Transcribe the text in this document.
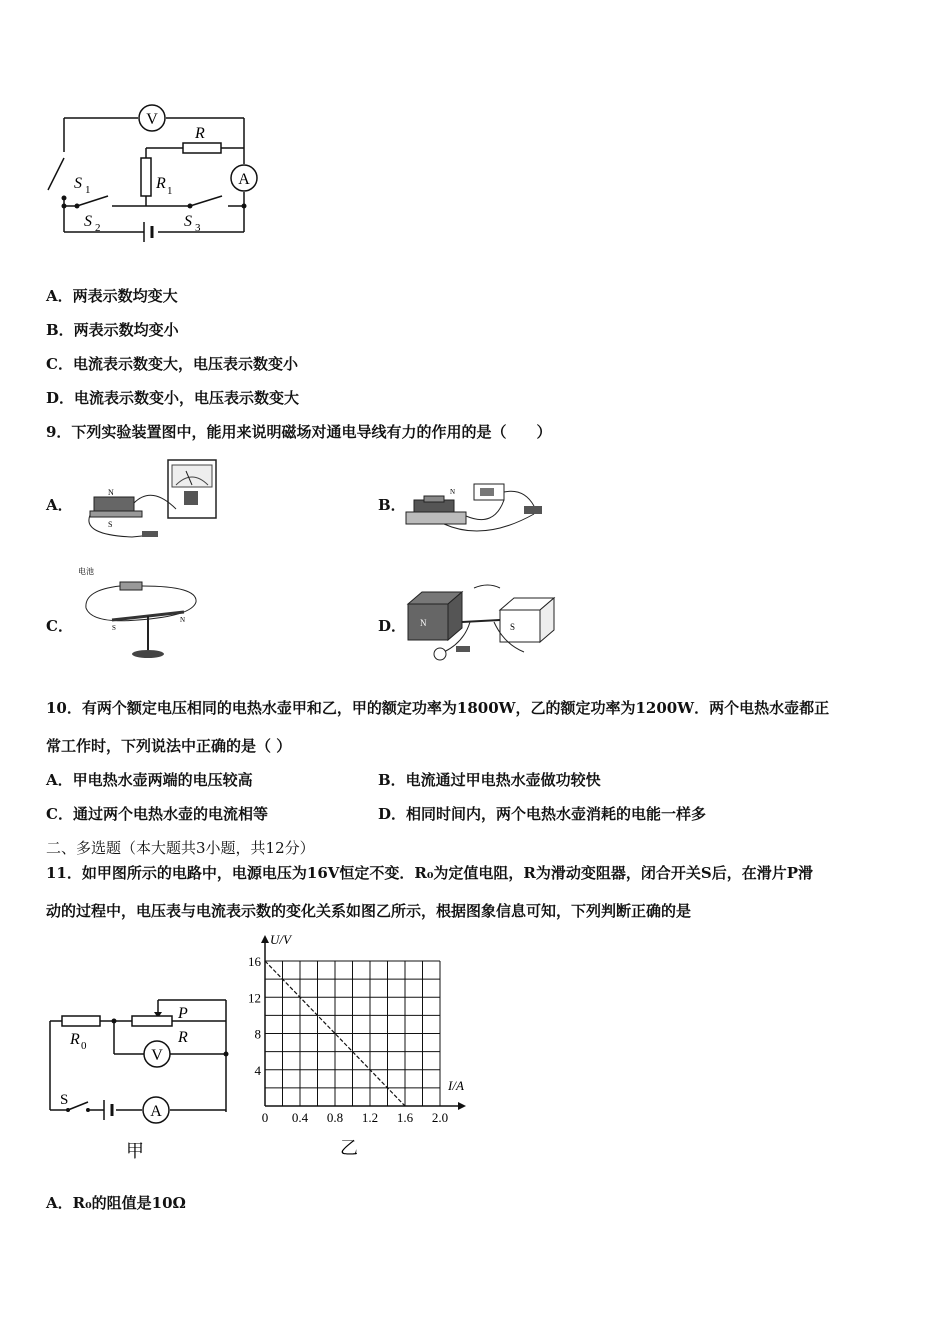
V
R
R 1
A
S 1
S 2	S 3
A．两表示数均变大
B．两表示数均变小
C．电流表示数变大，电压表示数变小
D．电流表示数变小，电压表示数变大
9．下列实验装置图中，能用来说明磁场对通电导线有力的作用的是（　　）
A．
N
S
B．
N
C．
电池
S
N	D． N	S
10．有两个额定电压相同的电热水壶甲和乙，甲的额定功率为1800W，乙的额定功率为1200W．两个电热水壶都正
常工作时，下列说法中正确的是（ ）
A．甲电热水壶两端的电压较高	B．电流通过甲电热水壶做功较快
C．通过两个电热水壶的电流相等	D．相同时间内，两个电热水壶消耗的电能一样多
二、多选题（本大题共3小题，共12分）
11．如甲图所示的电路中，电源电压为16V恒定不变．R₀为定值电阻，R为滑动变阻器，闭合开关S后，在滑片P滑
动的过程中，电压表与电流表示数的变化关系如图乙所示，根据图象信息可知，下列判断正确的是
R 0
P
R
V
S
A
甲
0 0.4 0.8 1.2 1.6 2.0
16
12
8
4
U/V
I/A
乙
A．R₀的阻值是10Ω
